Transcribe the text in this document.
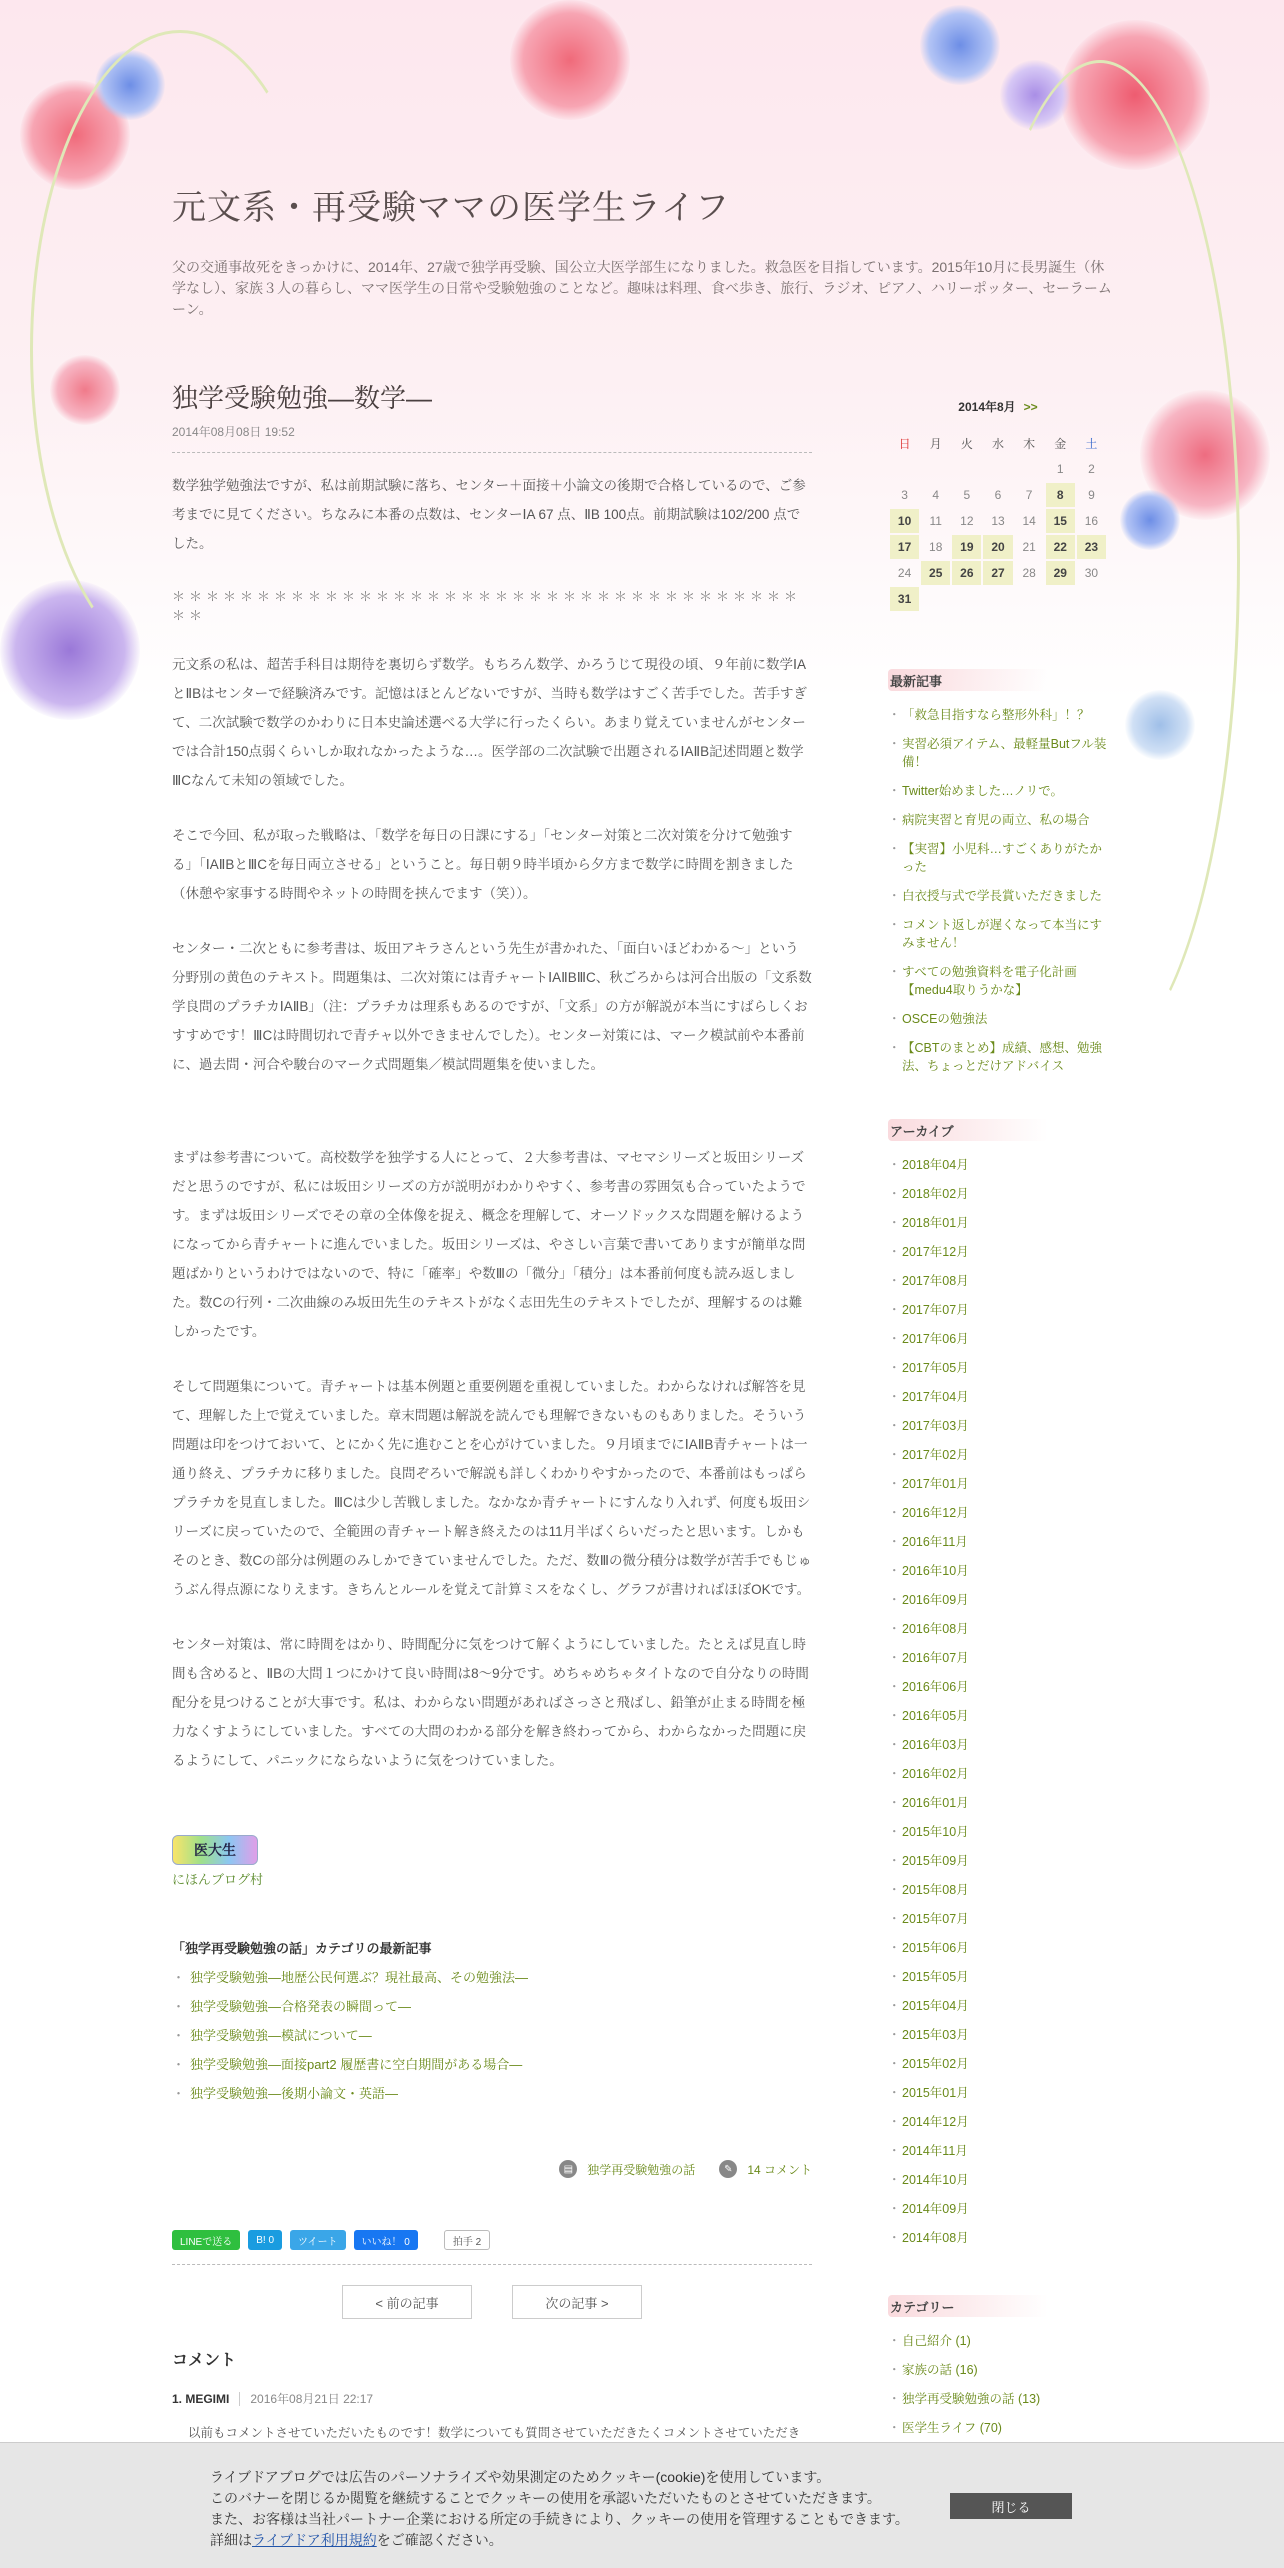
元文系・再受験ママの医学生ライフ

父の交通事故死をきっかけに、2014年、27歳で独学再受験、国公立大医学部生になりました。救急医を目指しています。2015年10月に長男誕生（休学なし）、家族３人の暮らし、ママ医学生の日常や受験勉強のことなど。趣味は料理、食べ歩き、旅行、ラジオ、ピアノ、ハリーポッター、セーラームーン。

独学受験勉強―数学―
2014年08月08日 19:52

数学独学勉強法ですが、私は前期試験に落ち、センター＋面接＋小論文の後期で合格しているので、ご参考までに見てください。ちなみに本番の点数は、センターⅠA 67 点、ⅡB 100点。前期試験は102/200 点でした。

＊＊＊＊＊＊＊＊＊＊＊＊＊＊＊＊＊＊＊＊＊＊＊＊＊＊＊＊＊＊＊＊＊＊＊＊＊＊＊

元文系の私は、超苦手科目は期待を裏切らず数学。もちろん数学、かろうじて現役の頃、９年前に数学ⅠAとⅡBはセンターで経験済みです。記憶はほとんどないですが、当時も数学はすごく苦手でした。苦手すぎて、二次試験で数学のかわりに日本史論述選べる大学に行ったくらい。あまり覚えていませんがセンターでは合計150点弱くらいしか取れなかったような…。医学部の二次試験で出題されるⅠAⅡB記述問題と数学ⅢCなんて未知の領域でした。

そこで今回、私が取った戦略は、「数学を毎日の日課にする」「センター対策と二次対策を分けて勉強する」「ⅠAⅡBとⅢCを毎日両立させる」ということ。毎日朝９時半頃から夕方まで数学に時間を割きました（休憩や家事する時間やネットの時間を挟んでます（笑））。

センター・二次ともに参考書は、坂田アキラさんという先生が書かれた、「面白いほどわかる～」という分野別の黄色のテキスト。問題集は、二次対策には青チャートⅠAⅡBⅢC、秋ごろからは河合出版の「文系数学良問のプラチカⅠAⅡB」（注：プラチカは理系もあるのですが、「文系」の方が解説が本当にすばらしくおすすめです！ⅢCは時間切れで青チャ以外できませんでした）。センター対策には、マーク模試前や本番前に、過去問・河合や駿台のマーク式問題集／模試問題集を使いました。

まずは参考書について。高校数学を独学する人にとって、２大参考書は、マセマシリーズと坂田シリーズだと思うのですが、私には坂田シリーズの方が説明がわかりやすく、参考書の雰囲気も合っていたようです。まずは坂田シリーズでその章の全体像を捉え、概念を理解して、オーソドックスな問題を解けるようになってから青チャートに進んでいました。坂田シリーズは、やさしい言葉で書いてありますが簡単な問題ばかりというわけではないので、特に「確率」や数Ⅲの「微分」「積分」は本番前何度も読み返しました。数Cの行列・二次曲線のみ坂田先生のテキストがなく志田先生のテキストでしたが、理解するのは難しかったです。

そして問題集について。青チャートは基本例題と重要例題を重視していました。わからなければ解答を見て、理解した上で覚えていました。章末問題は解説を読んでも理解できないものもありました。そういう問題は印をつけておいて、とにかく先に進むことを心がけていました。９月頃までにⅠAⅡB青チャートは一通り終え、プラチカに移りました。良問ぞろいで解説も詳しくわかりやすかったので、本番前はもっぱらプラチカを見直しました。ⅢCは少し苦戦しました。なかなか青チャートにすんなり入れず、何度も坂田シリーズに戻っていたので、全範囲の青チャート解き終えたのは11月半ばくらいだったと思います。しかもそのとき、数Cの部分は例題のみしかできていませんでした。ただ、数Ⅲの微分積分は数学が苦手でもじゅうぶん得点源になりえます。きちんとルールを覚えて計算ミスをなくし、グラフが書ければほぼOKです。

センター対策は、常に時間をはかり、時間配分に気をつけて解くようにしていました。たとえば見直し時間も含めると、ⅡBの大問１つにかけて良い時間は8～9分です。めちゃめちゃタイトなので自分なりの時間配分を見つけることが大事です。私は、わからない問題があればさっさと飛ばし、鉛筆が止まる時間を極力なくすようにしていました。すべての大問のわかる部分を解き終わってから、わからなかった問題に戻るようにして、パニックにならないように気をつけていました。

医大生
にほんブログ村
「独学再受験勉強の話」カテゴリの最新記事
・ 独学受験勉強―地歴公民何選ぶ？現社最高、その勉強法―
・ 独学受験勉強―合格発表の瞬間って―
・ 独学受験勉強―模試について―
・ 独学受験勉強―面接part2 履歴書に空白期間がある場合―
・ 独学受験勉強―後期小論文・英語―
▤	独学再受験勉強の話	✎	14 コメント
LINEで送る	B! 0	ツイート	いいね！ 0	拍手 2
< 前の記事	次の記事 >
コメント
1. MEGIMI 2016年08月21日 22:17
以前もコメントさせていただいたものです！数学についても質問させていただきたくコメントさせていただき
2014年8月 >>
日	月	火	水	木	金	土
					1	2
3	4	5	6	7	8	9
10	11	12	13	14	15	16
17	18	19	20	21	22	23
24	25	26	27	28	29	30
31						
最新記事
・ 「救急目指すなら整形外科」！？
・ 実習必須アイテム、最軽量Butフル装備！
・ Twitter始めました…ノリで。
・ 病院実習と育児の両立、私の場合
・ 【実習】小児科…すごくありがたかった
・ 白衣授与式で学長賞いただきました
・ コメント返しが遅くなって本当にすみません！
・ すべての勉強資料を電子化計画【medu4取りうかな】
・ OSCEの勉強法
・ 【CBTのまとめ】成績、感想、勉強法、ちょっとだけアドバイス
アーカイブ
・ 2018年04月
・ 2018年02月
・ 2018年01月
・ 2017年12月
・ 2017年08月
・ 2017年07月
・ 2017年06月
・ 2017年05月
・ 2017年04月
・ 2017年03月
・ 2017年02月
・ 2017年01月
・ 2016年12月
・ 2016年11月
・ 2016年10月
・ 2016年09月
・ 2016年08月
・ 2016年07月
・ 2016年06月
・ 2016年05月
・ 2016年03月
・ 2016年02月
・ 2016年01月
・ 2015年10月
・ 2015年09月
・ 2015年08月
・ 2015年07月
・ 2015年06月
・ 2015年05月
・ 2015年04月
・ 2015年03月
・ 2015年02月
・ 2015年01月
・ 2014年12月
・ 2014年11月
・ 2014年10月
・ 2014年09月
・ 2014年08月
カテゴリー
・ 自己紹介 (1)
・ 家族の話 (16)
・ 独学再受験勉強の話 (13)
・ 医学生ライフ (70)
ライブドアブログでは広告のパーソナライズや効果測定のためクッキー(cookie)を使用しています。
このバナーを閉じるか閲覧を継続することでクッキーの使用を承認いただいたものとさせていただきます。
また、お客様は当社パートナー企業における所定の手続きにより、クッキーの使用を管理することもできます。
詳細はライブドア利用規約をご確認ください。
閉じる
